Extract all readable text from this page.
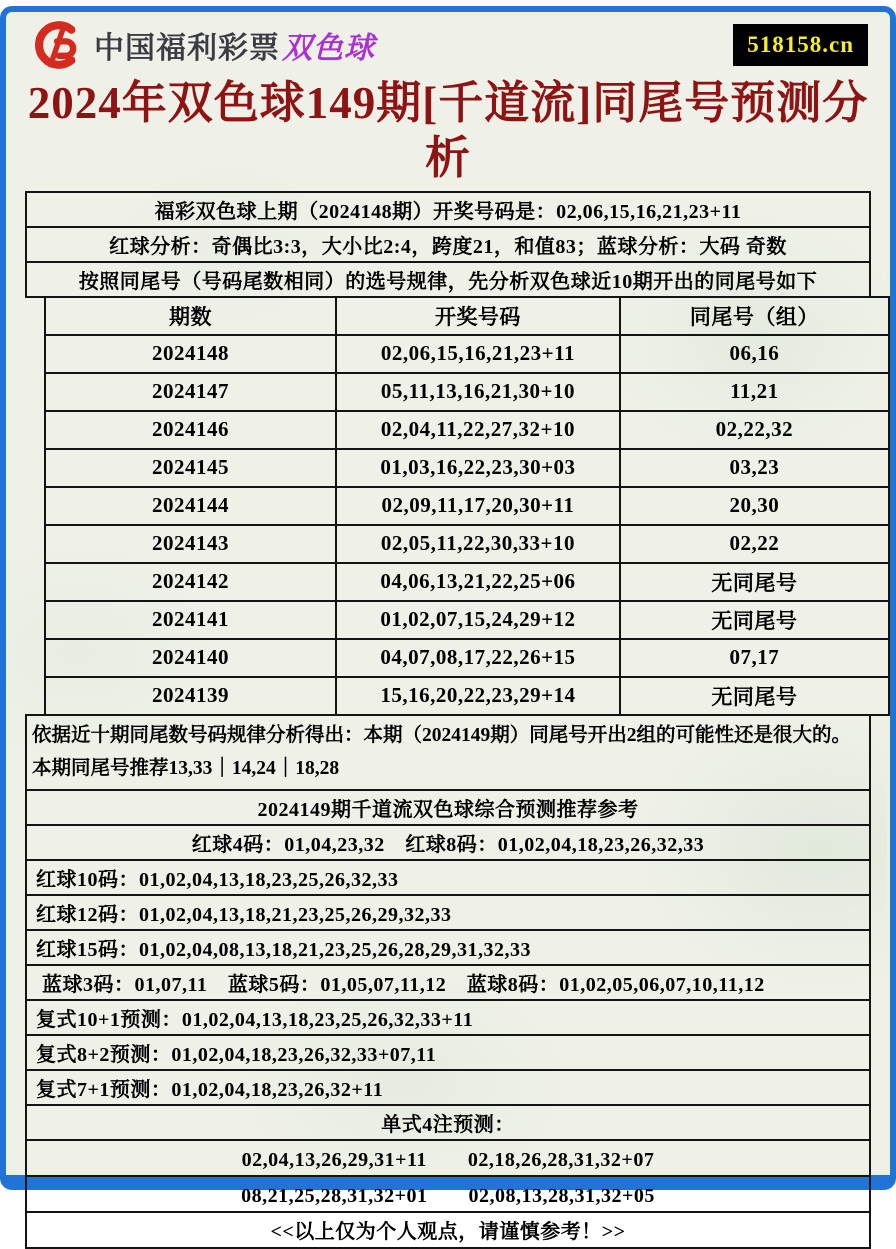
中国福利彩票双色球	518158.cn
2024年双色球149期[千道流]同尾号预测分析
福彩双色球上期（2024148期）开奖号码是：02,06,15,16,21,23+11
红球分析：奇偶比3:3，大小比2:4，跨度21，和值83；蓝球分析：大码 奇数
按照同尾号（号码尾数相同）的选号规律，先分析双色球近10期开出的同尾号如下
期数	开奖号码	同尾号（组）
2024148	02,06,15,16,21,23+11	06,16
2024147	05,11,13,16,21,30+10	11,21
2024146	02,04,11,22,27,32+10	02,22,32
2024145	01,03,16,22,23,30+03	03,23
2024144	02,09,11,17,20,30+11	20,30
2024143	02,05,11,22,30,33+10	02,22
2024142	04,06,13,21,22,25+06	无同尾号
2024141	01,02,07,15,24,29+12	无同尾号
2024140	04,07,08,17,22,26+15	07,17
2024139	15,16,20,22,23,29+14	无同尾号
依据近十期同尾数号码规律分析得出：本期（2024149期）同尾号开出2组的可能性还是很大的。本期同尾号推荐13,33｜14,24｜18,28
2024149期千道流双色球综合预测推荐参考
红球4码：01,04,23,32　红球8码：01,02,04,18,23,26,32,33
红球10码：01,02,04,13,18,23,25,26,32,33
红球12码：01,02,04,13,18,21,23,25,26,29,32,33
红球15码：01,02,04,08,13,18,21,23,25,26,28,29,31,32,33
蓝球3码：01,07,11　蓝球5码：01,05,07,11,12　蓝球8码：01,02,05,06,07,10,11,12
复式10+1预测：01,02,04,13,18,23,25,26,32,33+11
复式8+2预测：01,02,04,18,23,26,32,33+07,11
复式7+1预测：01,02,04,18,23,26,32+11
单式4注预测：
02,04,13,26,29,31+11　　02,18,26,28,31,32+07
08,21,25,28,31,32+01　　02,08,13,28,31,32+05
<<以上仅为个人观点，请谨慎参考！>>
